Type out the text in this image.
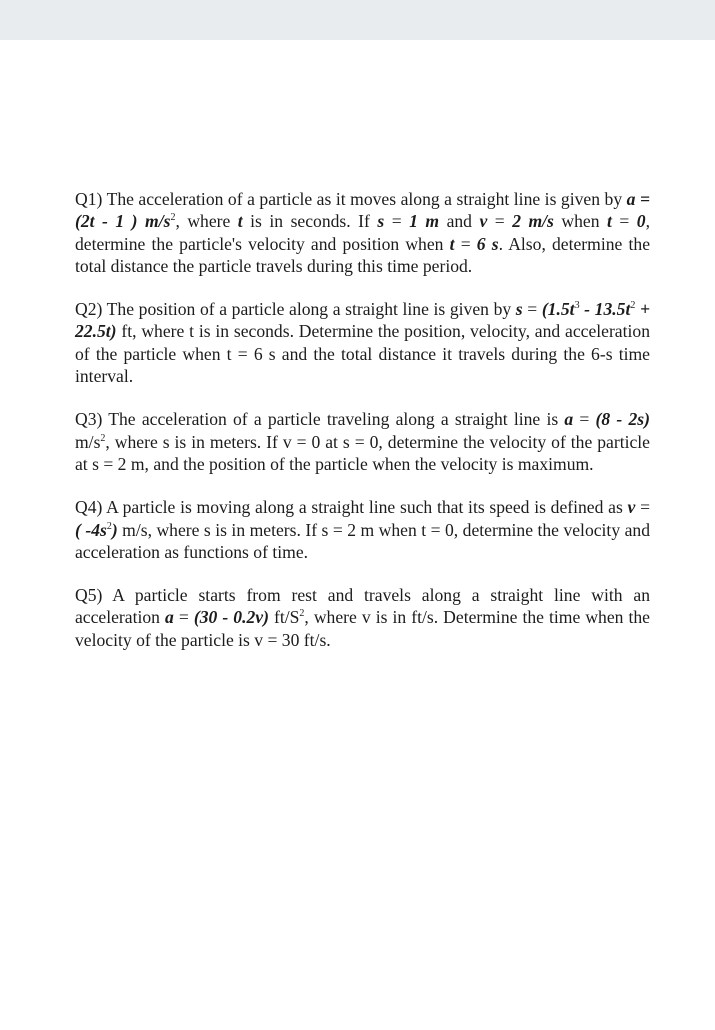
Q1) The acceleration of a particle as it moves along a straight line is given by a = (2t - 1 ) $m/s^2$, where t is in seconds. If s = 1 m and v = 2 m/s when t = 0, determine the particle's velocity and position when t = 6 s. Also, determine the total distance the particle travels during this time period.

Q2) The position of a particle along a straight line is given by $s = (1.5t^3 - 13.5t^2 + 22.5t)$ ft, where t is in seconds. Determine the position, velocity, and acceleration of the particle when t = 6 s and the total distance it travels during the 6-s time interval.

Q3) The acceleration of a particle traveling along a straight line is a = (8 - 2s) $m/s^2$, where s is in meters. If v = 0 at s = 0, determine the velocity of the particle at s = 2 m, and the position of the particle when the velocity is maximum.

Q4) A particle is moving along a straight line such that its speed is defined as v = ( $-4s^2$) m/s, where s is in meters. If s = 2 m when t = 0, determine the velocity and acceleration as functions of time.

Q5) A particle starts from rest and travels along a straight line with an acceleration a = (30 - 0.2v) $ft/S^2$, where v is in ft/s. Determine the time when the velocity of the particle is v = 30 ft/s.
